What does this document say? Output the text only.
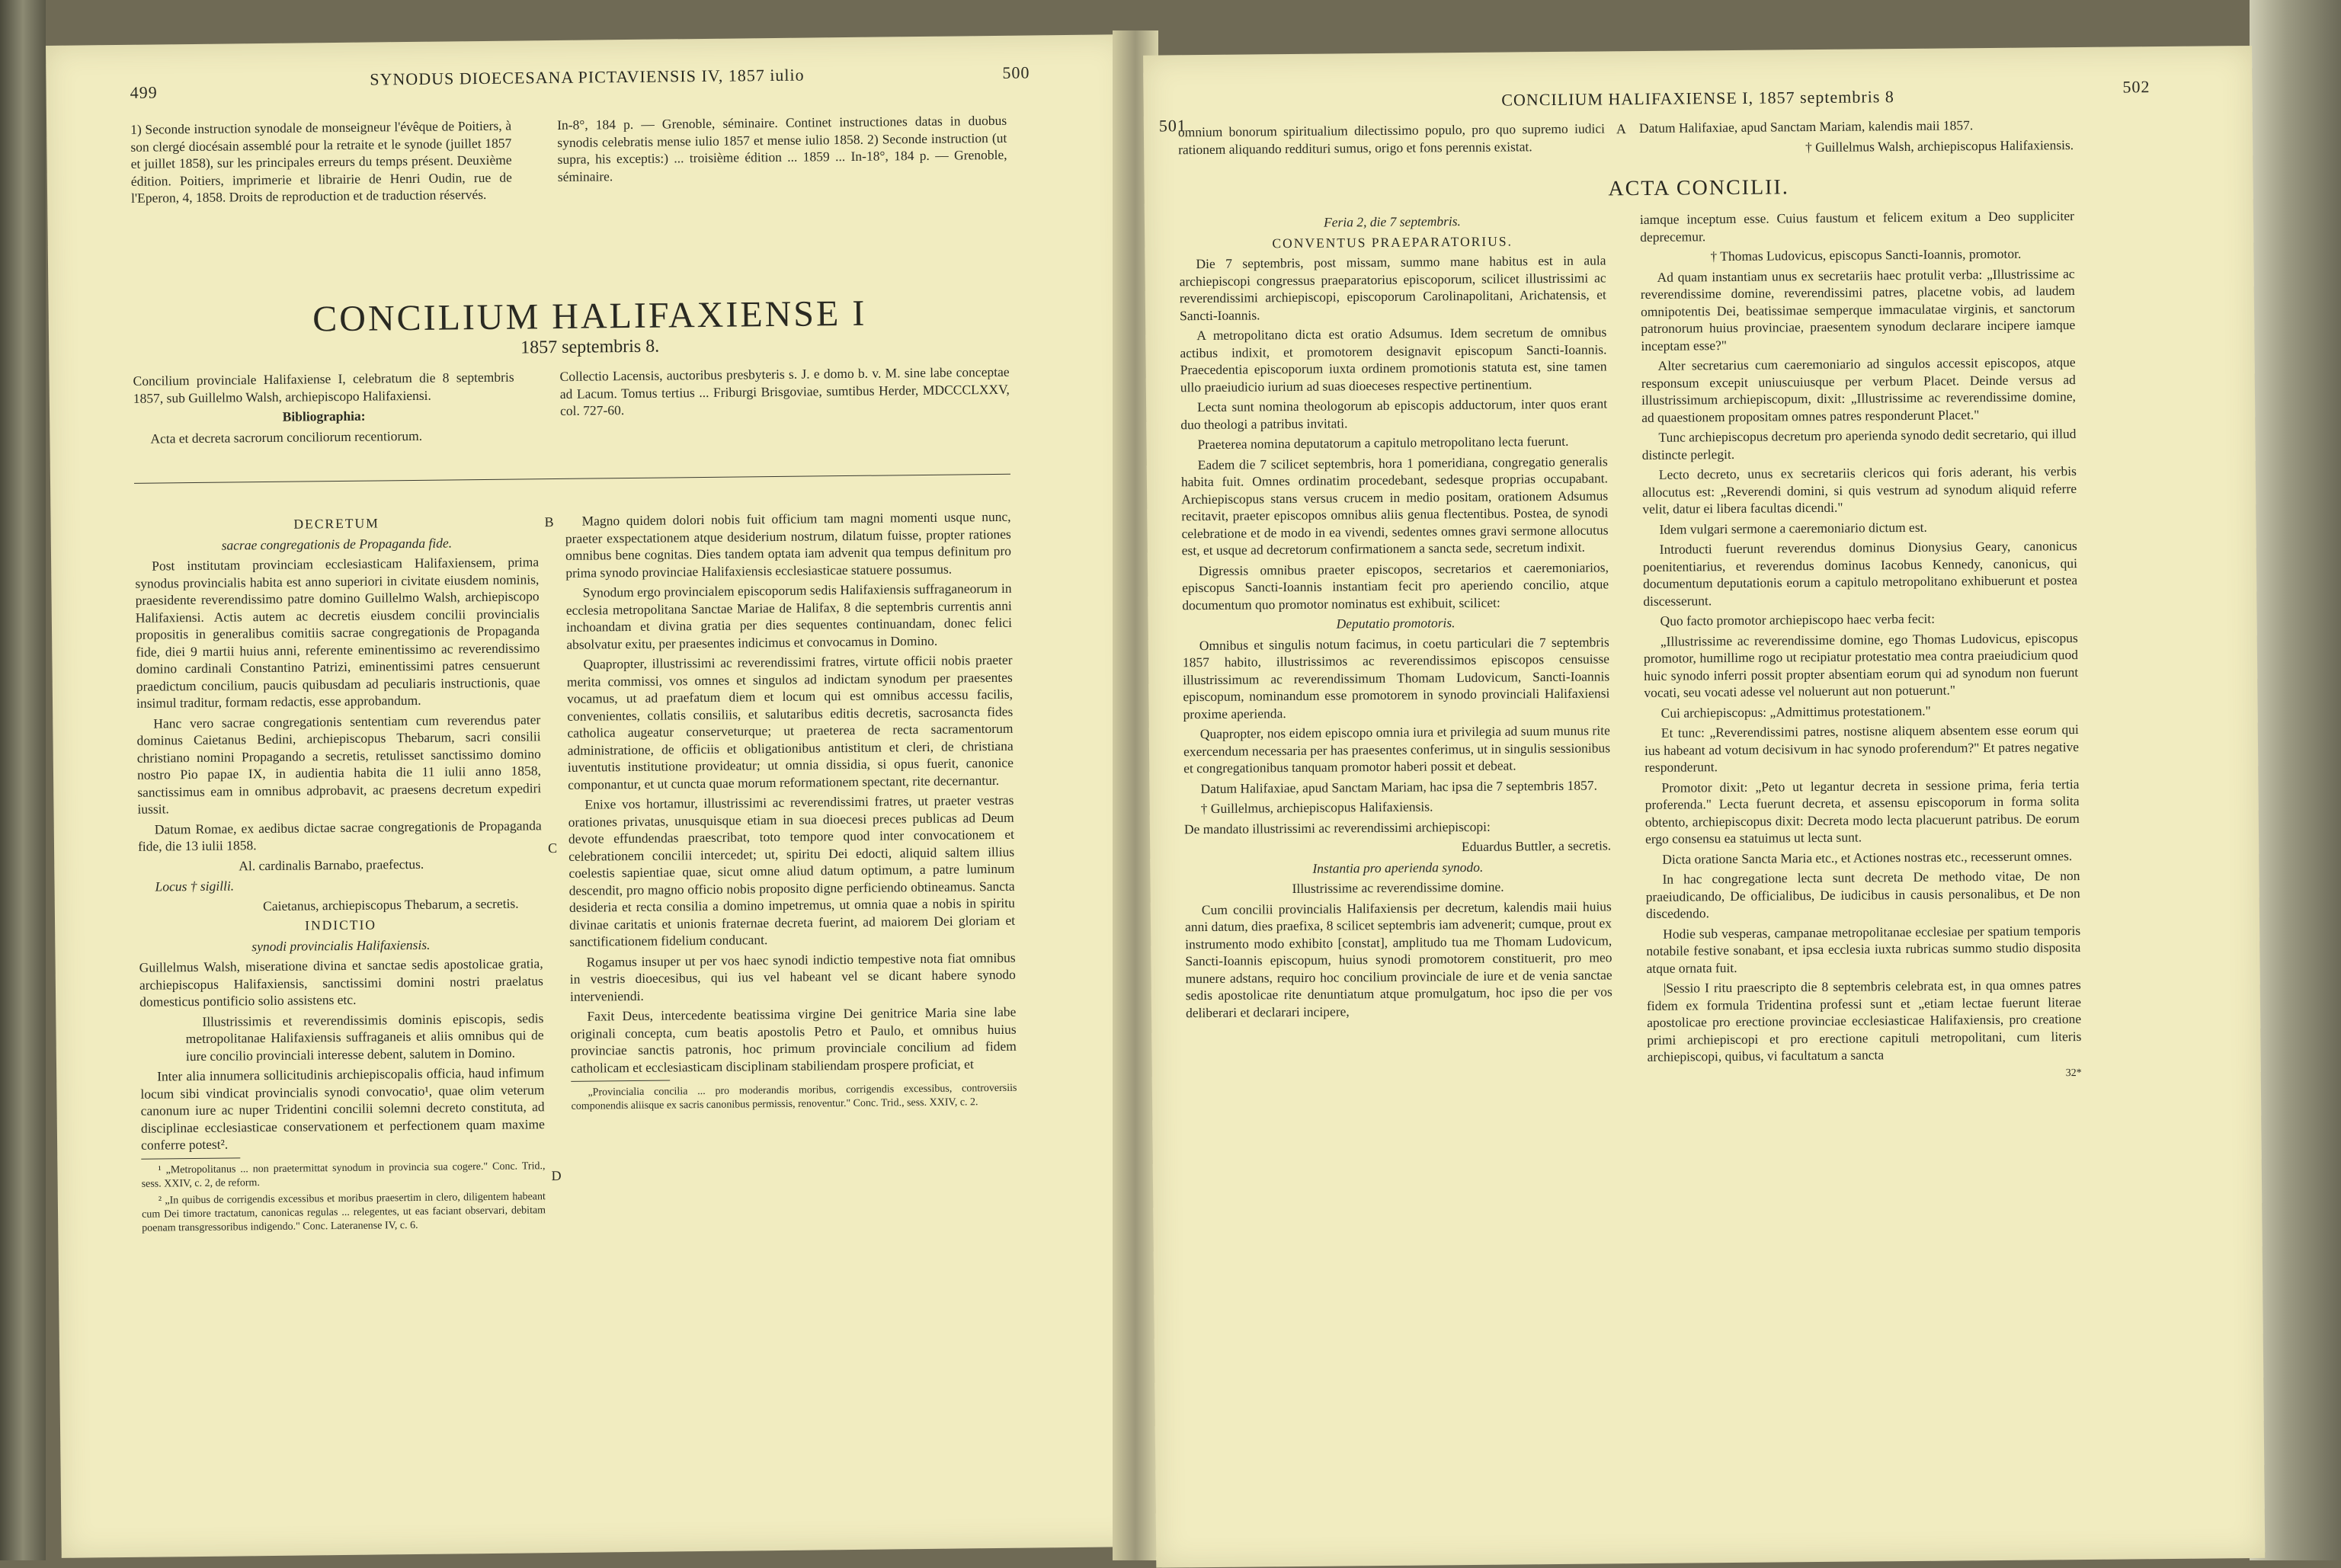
499
SYNODUS DIOECESANA PICTAVIENSIS IV, 1857 iulio	500

1) Seconde instruction synodale de monseigneur l'évêque de Poitiers, à son clergé diocésain assemblé pour la retraite et le synode (juillet 1857 et juillet 1858), sur les principales erreurs du temps présent. Deuxième édition. Poitiers, imprimerie et librairie de Henri Oudin, rue de l'Eperon, 4, 1858. Droits de reproduction et de traduction réservés.

In-8°, 184 p. — Grenoble, séminaire. Continet instructiones datas in duobus synodis celebratis mense iulio 1857 et mense iulio 1858. 2) Seconde instruction (ut supra, his exceptis:) ... troisième édition ... 1859 ... In-18°, 184 p. — Grenoble, séminaire.

CONCILIUM HALIFAXIENSE I
1857 septembris 8.

Concilium provinciale Halifaxiense I, celebratum die 8 septembris 1857, sub Guillelmo Walsh, archiepiscopo Halifaxiensi.

Bibliographia:

Acta et decreta sacrorum conciliorum recentiorum.

Collectio Lacensis, auctoribus presbyteris s. J. e domo b. v. M. sine labe conceptae ad Lacum. Tomus tertius ... Friburgi Brisgoviae, sumtibus Herder, MDCCCLXXV, col. 727-60.

DECRETUM

sacrae congregationis de Propaganda fide.

Post institutam provinciam ecclesiasticam Halifaxiensem, prima synodus provincialis habita est anno superiori in civitate eiusdem nominis, praesidente reverendissimo patre domino Guillelmo Walsh, archiepiscopo Halifaxiensi. Actis autem ac decretis eiusdem concilii provincialis propositis in generalibus comitiis sacrae congregationis de Propaganda fide, diei 9 martii huius anni, referente eminentissimo ac reverendissimo domino cardinali Constantino Patrizi, eminentissimi patres censuerunt praedictum concilium, paucis quibusdam ad peculiaris instructionis, quae insimul traditur, formam redactis, esse approbandum.

Hanc vero sacrae congregationis sententiam cum reverendus pater dominus Caietanus Bedini, archiepiscopus Thebarum, sacri consilii christiano nomini Propagando a secretis, retulisset sanctissimo domino nostro Pio papae IX, in audientia habita die 11 iulii anno 1858, sanctissimus eam in omnibus adprobavit, ac praesens decretum expediri iussit.

Datum Romae, ex aedibus dictae sacrae congregationis de Propaganda fide, die 13 iulii 1858.

Al. cardinalis Barnabo, praefectus.

Locus † sigilli.

Caietanus, archiepiscopus Thebarum, a secretis.

INDICTIO

synodi provincialis Halifaxiensis.

Guillelmus Walsh, miseratione divina et sanctae sedis apostolicae gratia, archiepiscopus Halifaxiensis, sanctissimi domini nostri praelatus domesticus pontificio solio assistens etc.

Illustrissimis et reverendissimis dominis episcopis, sedis metropolitanae Halifaxiensis suffraganeis et aliis omnibus qui de iure concilio provinciali interesse debent, salutem in Domino.

Inter alia innumera sollicitudinis archiepiscopalis officia, haud infimum locum sibi vindicat provincialis synodi convocatio¹, quae olim veterum canonum iure ac nuper Tridentini concilii solemni decreto constituta, ad disciplinae ecclesiasticae conservationem et perfectionem quam maxime conferre potest².

¹ „Metropolitanus ... non praetermittat synodum in provincia sua cogere." Conc. Trid., sess. XXIV, c. 2, de reform.

² „In quibus de corrigendis excessibus et moribus praesertim in clero, diligentem habeant cum Dei timore tractatum, canonicas regulas ... relegentes, ut eas faciant observari, debitam poenam transgressoribus indigendo." Conc. Lateranense IV, c. 6.

B
C
D

Magno quidem dolori nobis fuit officium tam magni momenti usque nunc, praeter exspectationem atque desiderium nostrum, dilatum fuisse, propter rationes omnibus bene cognitas. Dies tandem optata iam advenit qua tempus definitum pro prima synodo provinciae Halifaxiensis ecclesiasticae statuere possumus.

Synodum ergo provincialem episcoporum sedis Halifaxiensis suffraganeorum in ecclesia metropolitana Sanctae Mariae de Halifax, 8 die septembris currentis anni inchoandam et divina gratia per dies sequentes continuandam, donec felici absolvatur exitu, per praesentes indicimus et convocamus in Domino.

Quapropter, illustrissimi ac reverendissimi fratres, virtute officii nobis praeter merita commissi, vos omnes et singulos ad indictam synodum per praesentes vocamus, ut ad praefatum diem et locum qui est omnibus accessu facilis, convenientes, collatis consiliis, et salutaribus editis decretis, sacrosancta fides catholica augeatur conserveturque; ut praeterea de recta sacramentorum administratione, de officiis et obligationibus antistitum et cleri, de christiana iuventutis institutione providеatur; ut omnia dissidia, si opus fuerit, canonice componantur, et ut cuncta quae morum reformationem spectant, rite decernantur.

Enixe vos hortamur, illustrissimi ac reverendissimi fratres, ut praeter vestras orationes privatas, unusquisque etiam in sua dioecesi preces publicas ad Deum devote effundendas praescribat, toto tempore quod inter convocationem et celebrationem concilii intercedet; ut, spiritu Dei edocti, aliquid saltem illius coelestis sapientiae quae, sicut omne aliud datum optimum, a patre luminum descendit, pro magno officio nobis proposito digne perficiendo obtineamus. Sancta desideria et recta consilia a domino impetremus, ut omnia quae a nobis in spiritu divinae caritatis et unionis fraternae decreta fuerint, ad maiorem Dei gloriam et sanctificationem fidelium conducant.

Rogamus insuper ut per vos haec synodi indictio tempestive nota fiat omnibus in vestris dioecesibus, qui ius vel habeant vel se dicant habere synodo interveniendi.

Faxit Deus, intercedente beatissima virgine Dei genitrice Maria sine labe originali concepta, cum beatis apostolis Petro et Paulo, et omnibus huius provinciae sanctis patronis, hoc primum provinciale concilium ad fidem catholicam et ecclesiasticam disciplinam stabiliendam prospere proficiat, et

„Provincialia concilia ... pro moderandis moribus, corrigendis excessibus, controversiis componendis aliisque ex sacris canonibus permissis, renoventur." Conc. Trid., sess. XXIV, c. 2.

501
CONCILIUM HALIFAXIENSE I, 1857 septembris 8
502

omnium bonorum spiritualium dilectissimo populo, pro quo supremo iudici rationem aliquando reddituri sumus, origo et fons perennis existat.

A Datum Halifaxiae, apud Sanctam Mariam, kalendis maii 1857.

† Guillelmus Walsh, archiepiscopus Halifaxiensis.

ACTA CONCILII.

Feria 2, die 7 septembris.

CONVENTUS PRAEPARATORIUS.

Die 7 septembris, post missam, summo mane habitus est in aula archiepiscopi congressus praeparatorius episcoporum, scilicet illustrissimi ac reverendissimi archiepiscopi, episcoporum Carolinapolitani, Arichatensis, et Sancti-Ioannis.

A metropolitano dicta est oratio Adsumus. Idem secretum de omnibus actibus indixit, et promotorem designavit episcopum Sancti-Ioannis. Praecedentia episcoporum iuxta ordinem promotionis statuta est, sine tamen ullo praeiudicio iurium ad suas dioeceses respective pertinentium.

Lecta sunt nomina theologorum ab episcopis adductorum, inter quos erant duo theologi a patribus invitati.

Praeterea nomina deputatorum a capitulo metropolitano lecta fuerunt.

Eadem die 7 scilicet septembris, hora 1 pomeridiana, congregatio generalis habita fuit. Omnes ordinatim procedebant, sedesque proprias occupabant. Archiepiscopus stans versus crucem in medio positam, orationem Adsumus recitavit, praeter episcopos omnibus aliis genua flectentibus. Postea, de synodi celebratione et de modo in ea vivendi, sedentes omnes gravi sermone allocutus est, et usque ad decretorum confirmationem a sancta sede, secretum indixit.

Digressis omnibus praeter episcopos, secretarios et caeremoniarios, episcopus Sancti-Ioannis instantiam fecit pro aperiendo concilio, atque documentum quo promotor nominatus est exhibuit, scilicet:

Deputatio promotoris.

Omnibus et singulis notum facimus, in coetu particulari die 7 septembris 1857 habito, illustrissimos ac reverendissimos episcopos censuisse illustrissimum ac reverendissimum Thomam Ludovicum, Sancti-Ioannis episcopum, nominandum esse promotorem in synodo provinciali Halifaxiensi proxime aperienda.

Quapropter, nos eidem episcopo omnia iura et privilegia ad suum munus rite exercendum necessaria per has praesentes conferimus, ut in singulis sessionibus et congregationibus tanquam promotor haberi possit et debeat.

Datum Halifaxiae, apud Sanctam Mariam, hac ipsa die 7 septembris 1857.

† Guillelmus, archiepiscopus Halifaxiensis.

De mandato illustrissimi ac reverendissimi archiepiscopi:

Eduardus Buttler, a secretis.

Instantia pro aperienda synodo.

Illustrissime ac reverendissime domine.

Cum concilii provincialis Halifaxiensis per decretum, kalendis maii huius anni datum, dies praefixa, 8 scilicet septembris iam advenerit; cumque, prout ex instrumento modo exhibito [constat], amplitudo tua me Thomam Ludovicum, Sancti-Ioannis episcopum, huius synodi promotorem constituerit, pro meo munere adstans, requiro hoc concilium provinciale de iure et de venia sanctae sedis apostolicae rite denuntiatum atque promulgatum, hoc ipso die per vos deliberari et declarari incipere,

iamque inceptum esse. Cuius faustum et felicem exitum a Deo suppliciter deprecemur.

† Thomas Ludovicus, episcopus Sancti-Ioannis, promotor.

Ad quam instantiam unus ex secretariis haec protulit verba: „Illustrissime ac reverendissime domine, reverendissimi patres, placetne vobis, ad laudem omnipotentis Dei, beatissimae semperque immaculatae virginis, et sanctorum patronorum huius provinciae, praesentem synodum declarare incipere iamque inceptam esse?"

Alter secretarius cum caeremoniario ad singulos accessit episcopos, atque responsum excepit uniuscuiusque per verbum Placet. Deinde versus ad illustrissimum archiepiscopum, dixit: „Illustrissime ac reverendissime domine, ad quaestionem propositam omnes patres responderunt Placet."

Tunc archiepiscopus decretum pro aperienda synodo dedit secretario, qui illud distincte perlegit.

Lecto decreto, unus ex secretariis clericos qui foris aderant, his verbis allocutus est: „Reverendi domini, si quis vestrum ad synodum aliquid referre velit, datur ei libera facultas dicendi."

Idem vulgari sermone a caeremoniario dictum est.

Introducti fuerunt reverendus dominus Dionysius Geary, canonicus poenitentiarius, et reverendus dominus Iacobus Kennedy, canonicus, qui documentum deputationis eorum a capitulo metropolitano exhibuerunt et postea discesserunt.

Quo facto promotor archiepiscopo haec verba fecit:

„Illustrissime ac reverendissime domine, ego Thomas Ludovicus, episcopus promotor, humillime rogo ut recipiatur protestatio mea contra praeiudicium quod huic synodo inferri possit propter absentiam eorum qui ad synodum non fuerunt vocati, seu vocati adesse vel noluerunt aut non potuerunt."

Cui archiepiscopus: „Admittimus protestationem."

Et tunc: „Reverendissimi patres, nostisne aliquem absentem esse eorum qui ius habeant ad votum decisivum in hac synodo proferendum?" Et patres negative responderunt.

Promotor dixit: „Peto ut legantur decreta in sessione prima, feria tertia proferenda." Lecta fuerunt decreta, et assensu episcoporum in forma solita obtento, archiepiscopus dixit: Decreta modo lecta placuerunt patribus. De eorum ergo consensu ea statuimus ut lecta sunt.

Dicta oratione Sancta Maria etc., et Actiones nostras etc., recesserunt omnes.

In hac congregatione lecta sunt decreta De methodo vitae, De non praeiudicando, De officialibus, De iudicibus in causis personalibus, et De non discedendo.

Hodie sub vesperas, campanae metropolitanae ecclesiae per spatium temporis notabile festive sonabant, et ipsa ecclesia iuxta rubricas summo studio disposita atque ornata fuit.

|Sessio I ritu praescripto die 8 septembris celebrata est, in qua omnes patres fidem ex formula Tridentina professi sunt et „etiam lectae fuerunt literae apostolicae pro erectione provinciae ecclesiasticae Halifaxiensis, pro creatione primi archiepiscopi et pro erectione capituli metropolitani, cum literis archiepiscopi, quibus, vi facultatum a sancta

32*
